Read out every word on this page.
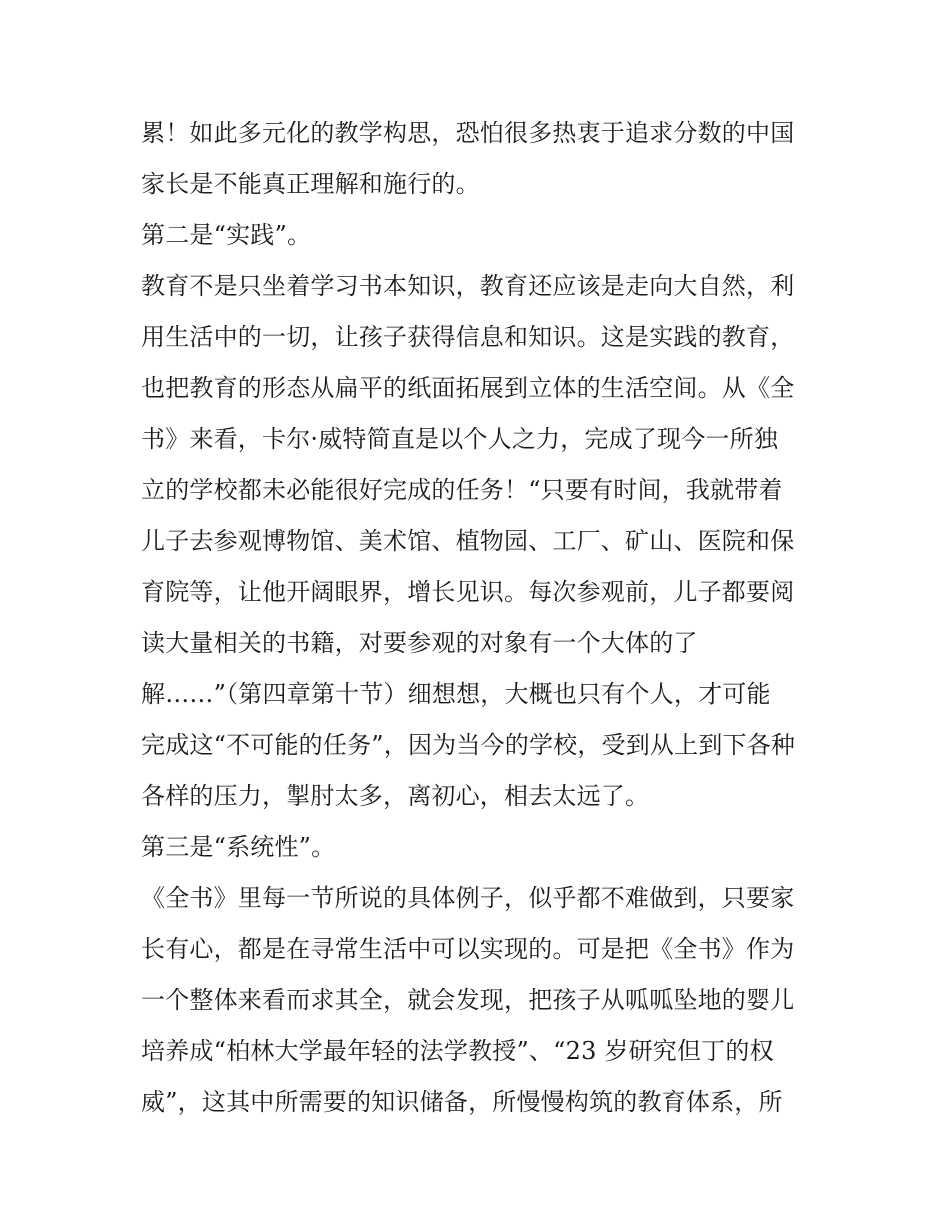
累！如此多元化的教学构思，恐怕很多热衷于追求分数的中国
家长是不能真正理解和施行的。
第二是“实践”。
教育不是只坐着学习书本知识，教育还应该是走向大自然，利
用生活中的一切，让孩子获得信息和知识。这是实践的教育，
也把教育的形态从扁平的纸面拓展到立体的生活空间。从《全
书》来看，卡尔·威特简直是以个人之力，完成了现今一所独
立的学校都未必能很好完成的任务！“只要有时间，我就带着
儿子去参观博物馆、美术馆、植物园、工厂、矿山、医院和保
育院等，让他开阔眼界，增长见识。每次参观前，儿子都要阅
读大量相关的书籍，对要参观的对象有一个大体的了
解……”（第四章第十节）细想想，大概也只有个人，才可能
完成这“不可能的任务”，因为当今的学校，受到从上到下各种
各样的压力，掣肘太多，离初心，相去太远了。
第三是“系统性”。
《全书》里每一节所说的具体例子，似乎都不难做到，只要家
长有心，都是在寻常生活中可以实现的。可是把《全书》作为
一个整体来看而求其全，就会发现，把孩子从呱呱坠地的婴儿
培养成“柏林大学最年轻的法学教授”、“23 岁研究但丁的权
威”，这其中所需要的知识储备，所慢慢构筑的教育体系，所
